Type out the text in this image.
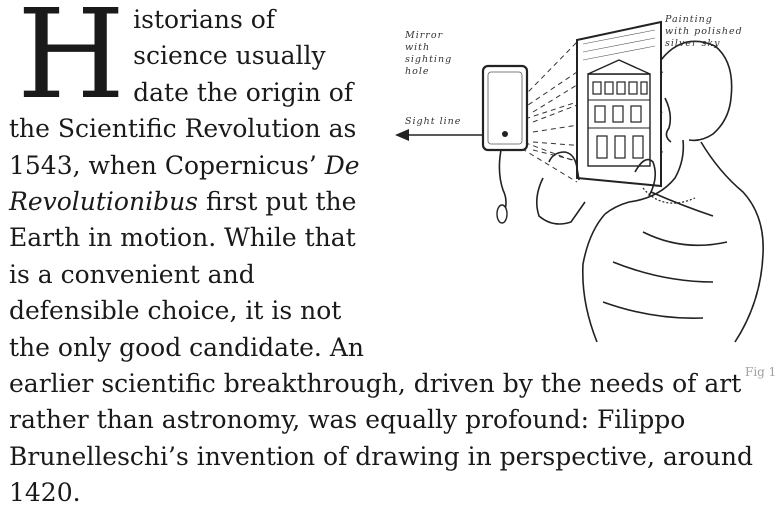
Mirror
with
sighting
hole
Sight line
Painting
with polished
silver sky
H istorians of science usually date the origin of the Scientific Revolution as 1543, when Copernicus’ De Revolutionibus first put the Earth in motion. While that is a convenient and defensible choice, it is not the only good candidate. An earlier scientific breakthrough, driven by the needs of art rather than astronomy, was equally profound: Filippo Brunelleschi’s invention of drawing in perspective, around 1420.

Fig 1
